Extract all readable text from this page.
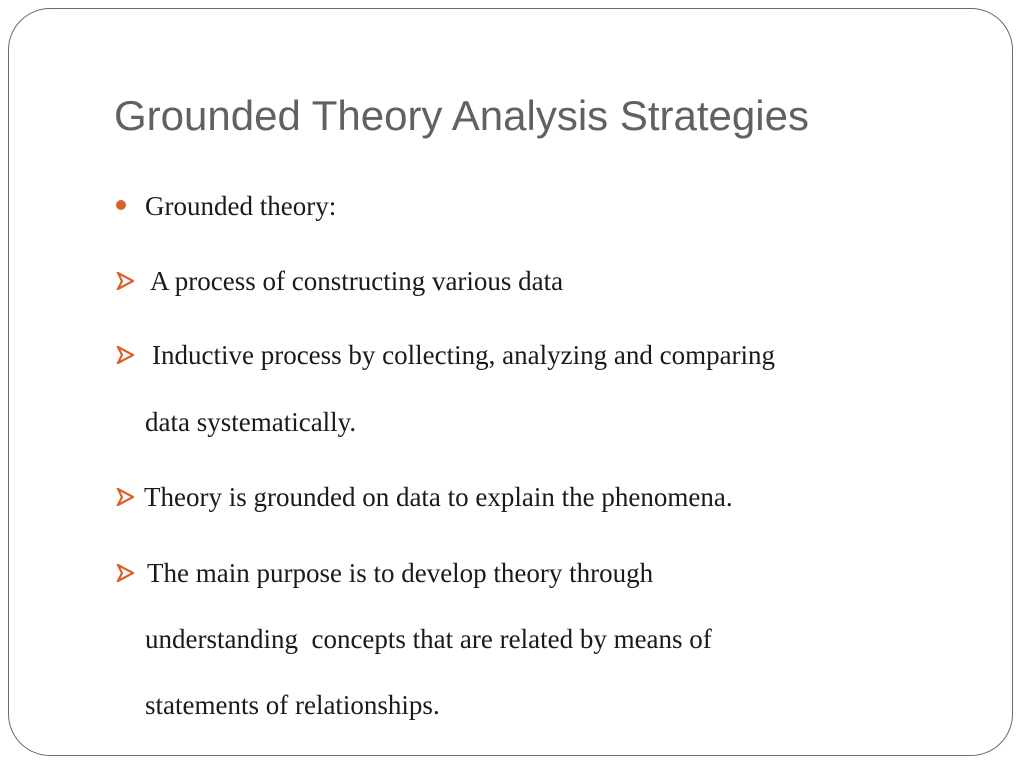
Grounded Theory Analysis Strategies
Grounded theory:
A process of constructing various data
Inductive process by collecting, analyzing and comparing
data systematically.
Theory is grounded on data to explain the phenomena.
The main purpose is to develop theory through
understanding  concepts that are related by means of
statements of relationships.
